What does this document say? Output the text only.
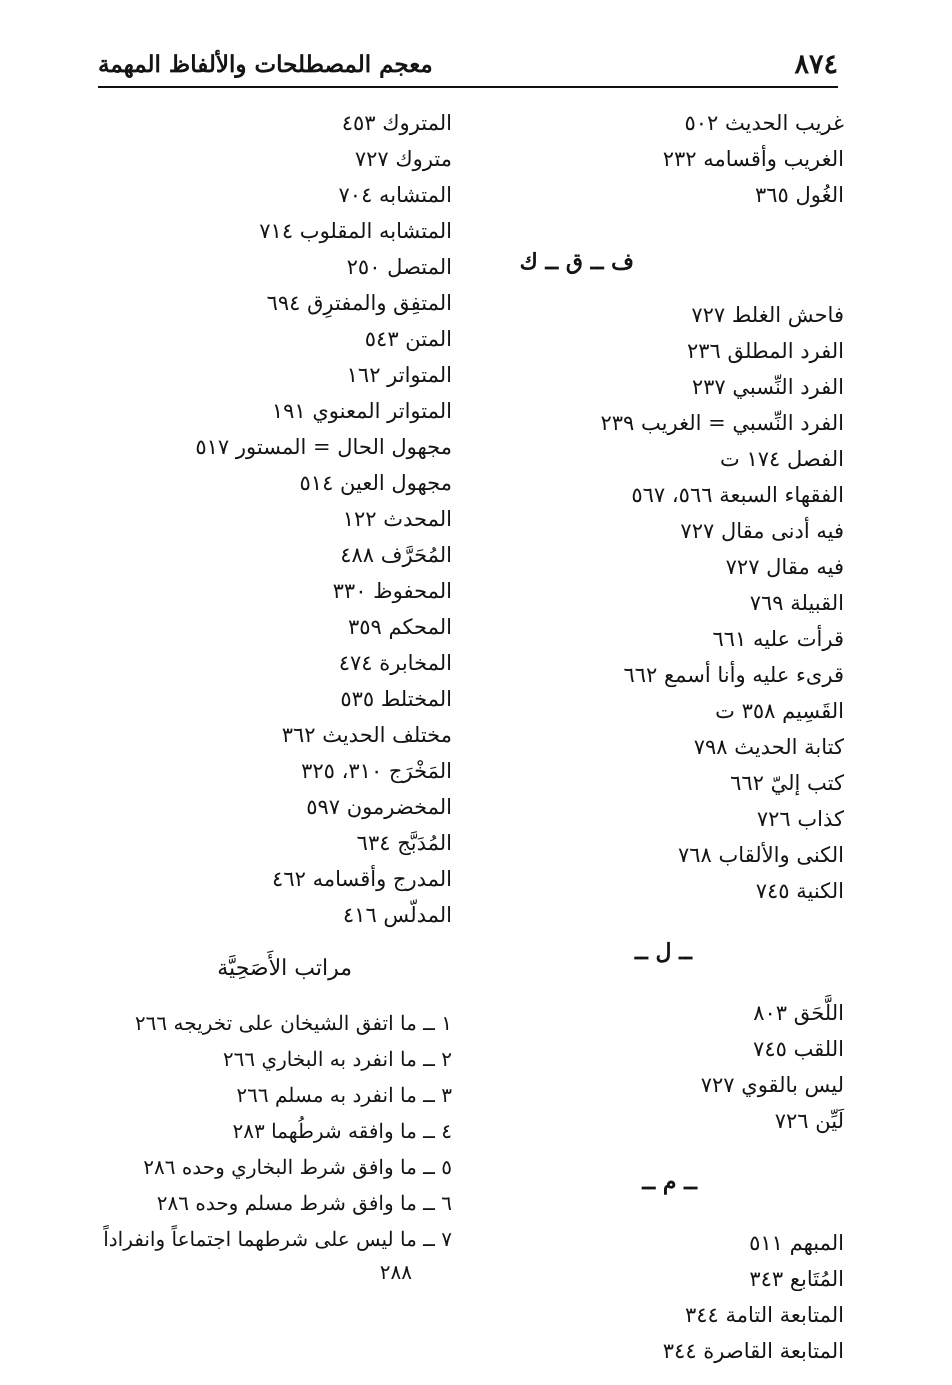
٨٧٤
معجم المصطلحات والألفاظ المهمة
غريب الحديث ٥٠٢
الغريب وأقسامه ٢٣٢
الغُول ٣٦٥
ف ــ ق ــ ك
فاحش الغلط ٧٢٧
الفرد المطلق ٢٣٦
الفرد النِّسبي ٢٣٧
الفرد النِّسبي = الغريب ٢٣٩
الفصل ١٧٤ ت
الفقهاء السبعة ٥٦٦، ٥٦٧
فيه أدنى مقال ٧٢٧
فيه مقال ٧٢٧
القبيلة ٧٦٩
قرأت عليه ٦٦١
قرىء عليه وأنا أسمع ٦٦٢
القَسِيم ٣٥٨ ت
كتابة الحديث ٧٩٨
كتب إليّ ٦٦٢
كذاب ٧٢٦
الكنى والألقاب ٧٦٨
الكنية ٧٤٥
ــ ل ــ
اللَّحَق ٨٠٣
اللقب ٧٤٥
ليس بالقوي ٧٢٧
لَيِّن ٧٢٦
ــ م ــ
المبهم ٥١١
المُتَابع ٣٤٣
المتابعة التامة ٣٤٤
المتابعة القاصرة ٣٤٤
المتروك ٤٥٣
متروك ٧٢٧
المتشابه ٧٠٤
المتشابه المقلوب ٧١٤
المتصل ٢٥٠
المتفِق والمفترِق ٦٩٤
المتن ٥٤٣
المتواتر ١٦٢
المتواتر المعنوي ١٩١
مجهول الحال = المستور ٥١٧
مجهول العين ٥١٤
المحدث ١٢٢
المُحَرَّف ٤٨٨
المحفوظ ٣٣٠
المحكم ٣٥٩
المخابرة ٤٧٤
المختلط ٥٣٥
مختلف الحديث ٣٦٢
المَخْرَج ٣١٠، ٣٢٥
المخضرمون ٥٩٧
المُدَبَّج ٦٣٤
المدرج وأقسامه ٤٦٢
المدلّس ٤١٦
مراتب الأَصَحِيَّة
١ ــ ما اتفق الشيخان على تخريجه ٢٦٦
٢ ــ ما انفرد به البخاري ٢٦٦
٣ ــ ما انفرد به مسلم ٢٦٦
٤ ــ ما وافقه شرطُهما ٢٨٣
٥ ــ ما وافق شرط البخاري وحده ٢٨٦
٦ ــ ما وافق شرط مسلم وحده ٢٨٦
٧ ــ ما ليس على شرطهما اجتماعاً وانفراداً
٢٨٨
